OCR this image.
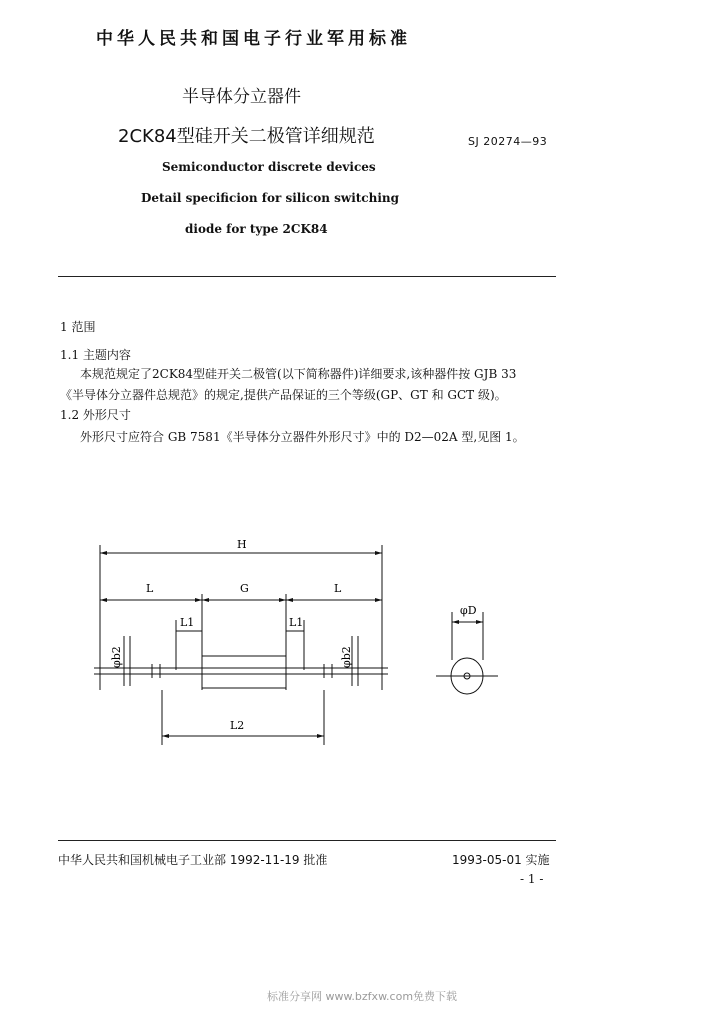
中华人民共和国电子行业军用标准
半导体分立器件
2CK84型硅开关二极管详细规范	SJ 20274—93
Semiconductor discrete devices
Detail specificion for silicon switching
diode for type 2CK84
1 范围
1.1 主题内容
本规范规定了2CK84型硅开关二极管(以下简称器件)详细要求,该种器件按 GJB 33
《半导体分立器件总规范》的规定,提供产品保证的三个等级(GP、GT 和 GCT 级)。
1.2 外形尺寸
外形尺寸应符合 GB 7581《半导体分立器件外形尺寸》中的 D2—02A 型,见图 1。
H
L	G	L
L1	L1
L2
φD
φb2	φb2
中华人民共和国机械电子工业部 1992-11-19 批准	1993-05-01 实施
- 1 -
标准分享网 www.bzfxw.com免费下载
